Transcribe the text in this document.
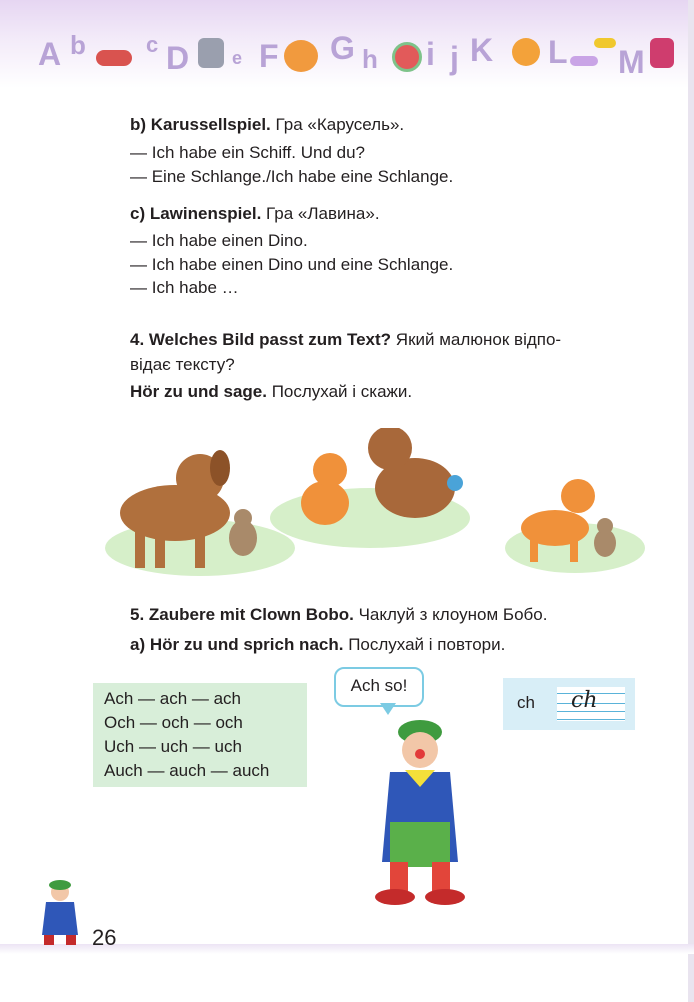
A b	c D e F G h i j K L M
b) Karussellspiel. Гра «Карусель».
— Ich habe ein Schiff. Und du?
— Eine Schlange./Ich habe eine Schlange.
c) Lawinenspiel. Гра «Лавина».
— Ich habe einen Dino.
— Ich habe einen Dino und eine Schlange.
— Ich habe …
4. Welches Bild passt zum Text? Який малюнок відпо-
відає тексту?
Hör zu und sage. Послухай і скажи.
5. Zaubere mit Clown Bobo. Чаклуй з клоуном Бобо.
a) Hör zu und sprich nach. Послухай і повтори.
Ach — ach — ach
Och — och — och
Uch — uch — uch
Auch — auch — auch
Ach so!
ch ch
26
